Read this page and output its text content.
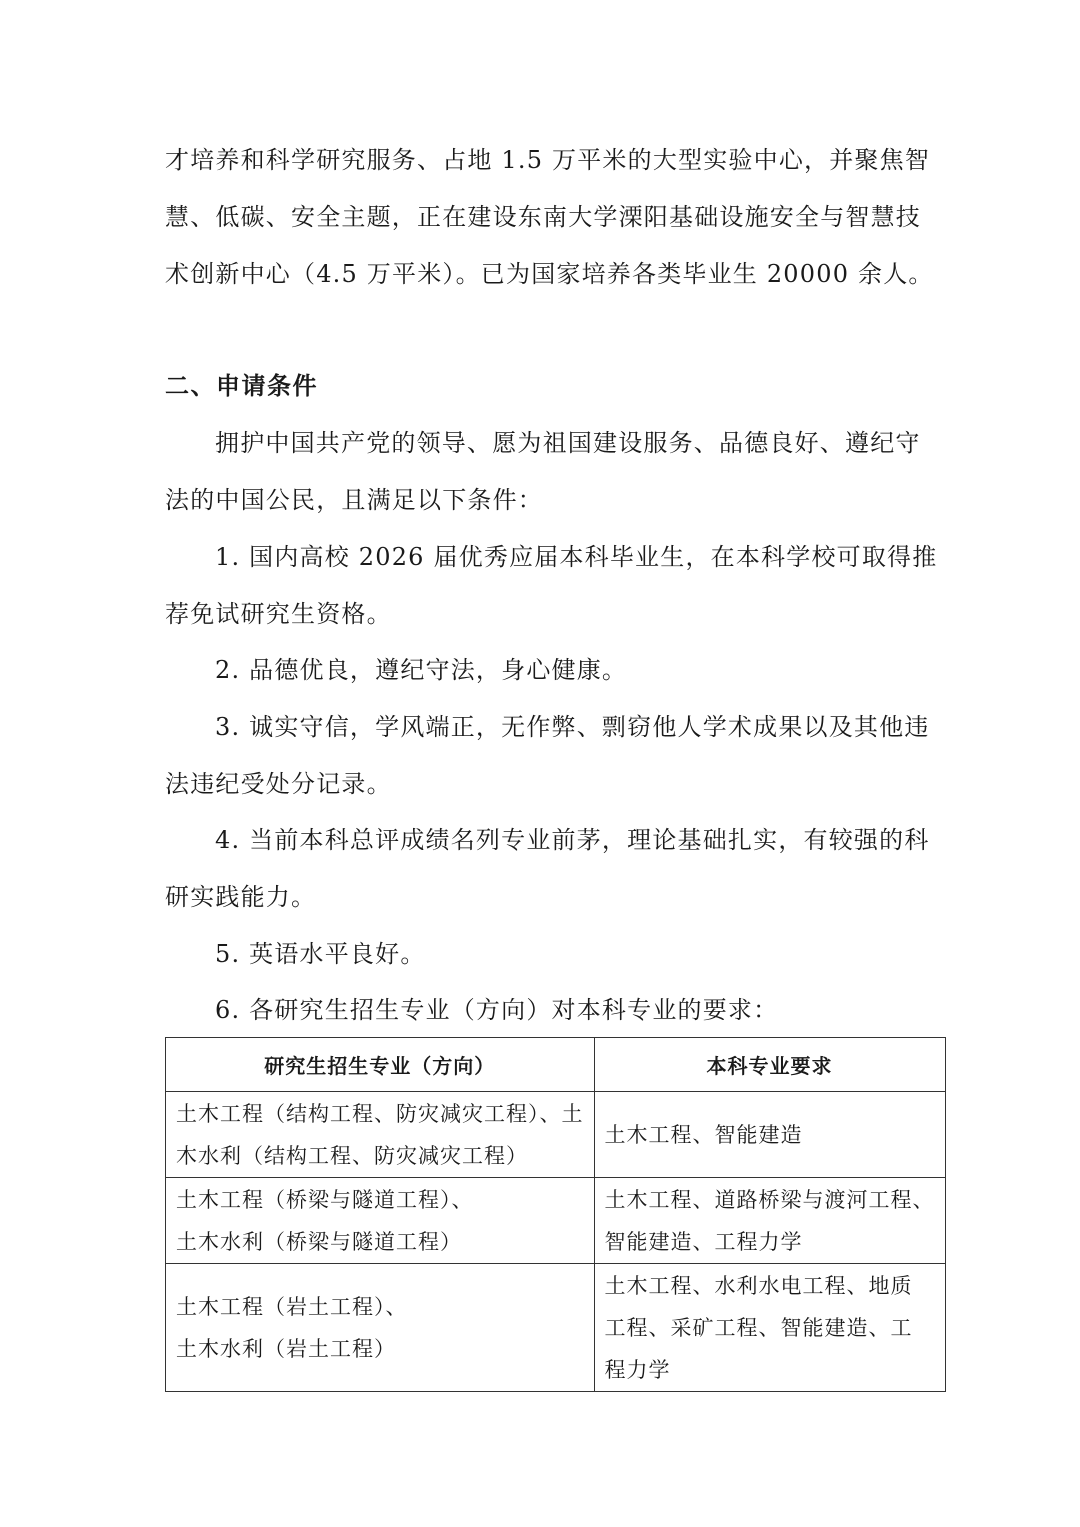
才培养和科学研究服务、占地 1.5 万平米的大型实验中心，并聚焦智
慧、低碳、安全主题，正在建设东南大学溧阳基础设施安全与智慧技
术创新中心（4.5 万平米）。已为国家培养各类毕业生 20000 余人。
二、申请条件
拥护中国共产党的领导、愿为祖国建设服务、品德良好、遵纪守
法的中国公民，且满足以下条件：
1. 国内高校 2026 届优秀应届本科毕业生，在本科学校可取得推
荐免试研究生资格。
2. 品德优良，遵纪守法，身心健康。
3. 诚实守信，学风端正，无作弊、剽窃他人学术成果以及其他违
法违纪受处分记录。
4. 当前本科总评成绩名列专业前茅，理论基础扎实，有较强的科
研实践能力。
5. 英语水平良好。
6. 各研究生招生专业（方向）对本科专业的要求：
研究生招生专业（方向）	本科专业要求

土木工程（结构工程、防灾减灾工程）、土
木水利（结构工程、防灾减灾工程）	土木工程、智能建造

土木工程（桥梁与隧道工程）、
土木水利（桥梁与隧道工程）	土木工程、道路桥梁与渡河工程、
智能建造、工程力学

土木工程（岩土工程）、
土木水利（岩土工程）	土木工程、水利水电工程、地质
工程、采矿工程、智能建造、工
程力学
